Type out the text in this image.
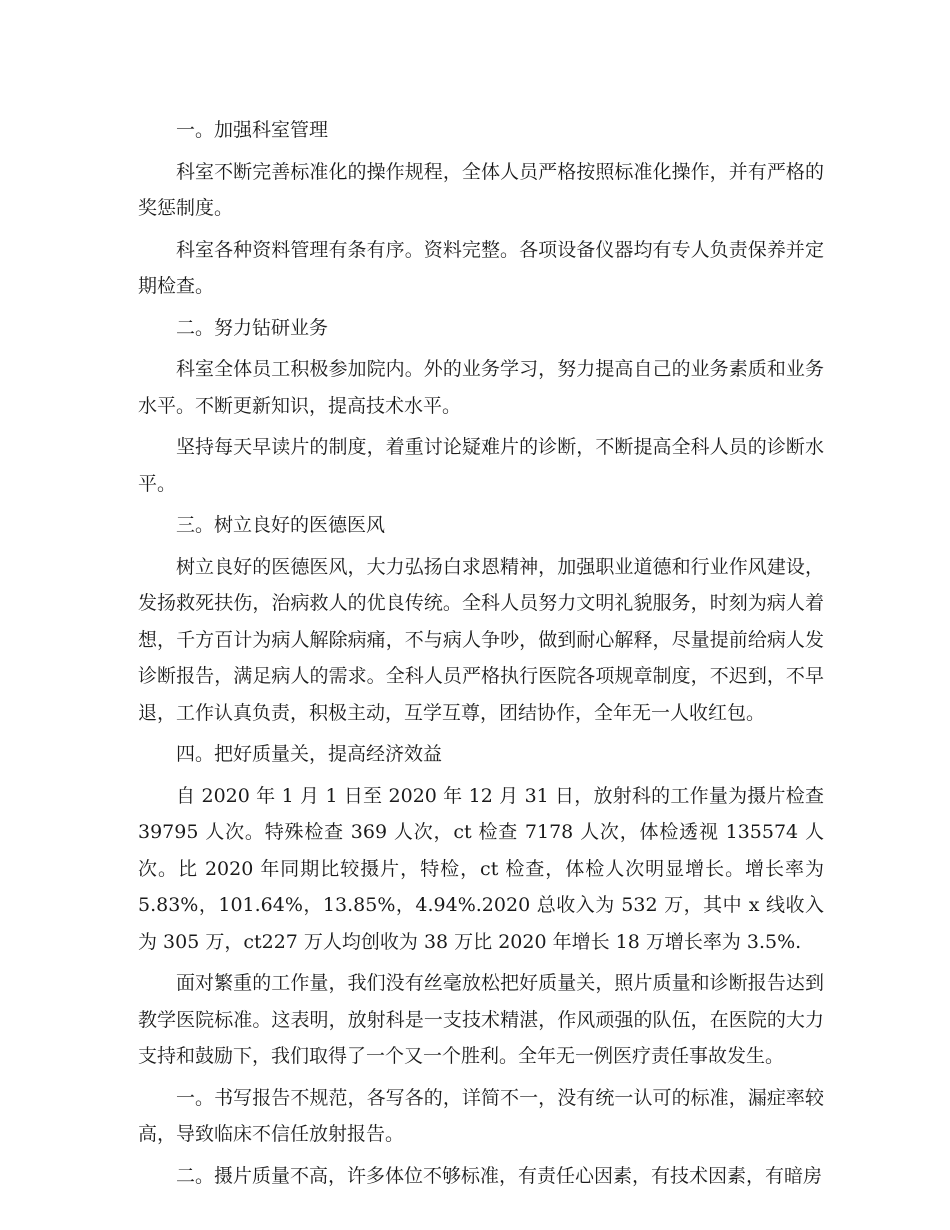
一。加强科室管理

科室不断完善标准化的操作规程，全体人员严格按照标准化操作，并有严格的奖惩制度。

科室各种资料管理有条有序。资料完整。各项设备仪器均有专人负责保养并定期检查。

二。努力钻研业务

科室全体员工积极参加院内。外的业务学习，努力提高自己的业务素质和业务水平。不断更新知识，提高技术水平。

坚持每天早读片的制度，着重讨论疑难片的诊断，不断提高全科人员的诊断水平。

三。树立良好的医德医风

树立良好的医德医风，大力弘扬白求恩精神，加强职业道德和行业作风建设，发扬救死扶伤，治病救人的优良传统。全科人员努力文明礼貌服务，时刻为病人着想，千方百计为病人解除病痛，不与病人争吵，做到耐心解释，尽量提前给病人发诊断报告，满足病人的需求。全科人员严格执行医院各项规章制度，不迟到，不早退，工作认真负责，积极主动，互学互尊，团结协作，全年无一人收红包。

四。把好质量关，提高经济效益

自 2020 年 1 月 1 日至 2020 年 12 月 31 日，放射科的工作量为摄片检查 39795 人次。特殊检查 369 人次，ct 检查 7178 人次，体检透视 135574 人次。比 2020 年同期比较摄片，特检，ct 检查，体检人次明显增长。增长率为 5.83%，101.64%，13.85%，4.94%.2020 总收入为 532 万，其中 x 线收入为 305 万，ct227 万人均创收为 38 万比 2020 年增长 18 万增长率为 3.5%.

面对繁重的工作量，我们没有丝毫放松把好质量关，照片质量和诊断报告达到教学医院标准。这表明，放射科是一支技术精湛，作风顽强的队伍，在医院的大力支持和鼓励下，我们取得了一个又一个胜利。全年无一例医疗责任事故发生。

一。书写报告不规范，各写各的，详简不一，没有统一认可的标准，漏症率较高，导致临床不信任放射报告。

二。摄片质量不高，许多体位不够标准，有责任心因素，有技术因素，有暗房
